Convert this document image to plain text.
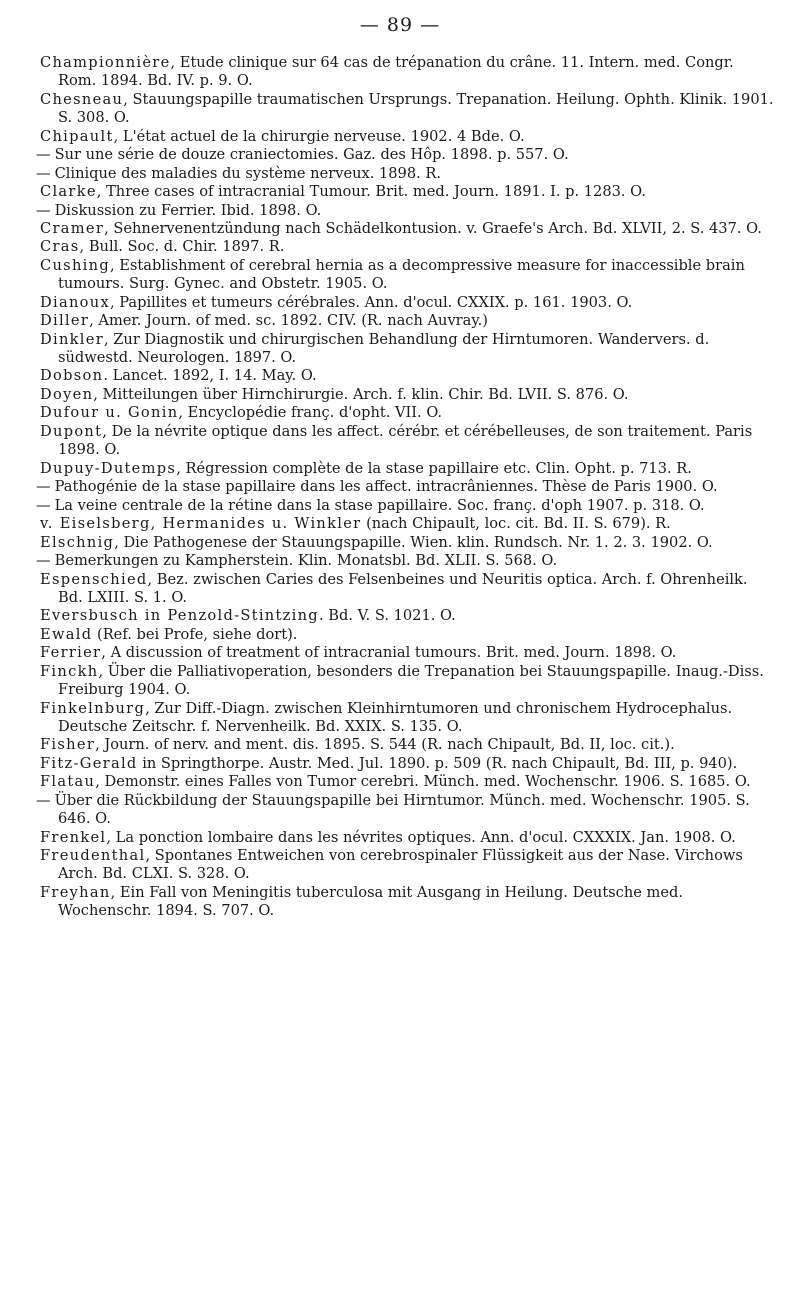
— 89 —

Championnière, Etude clinique sur 64 cas de trépanation du crâne. 11. Intern. med. Congr. Rom. 1894. Bd. IV. p. 9. O.

Chesneau, Stauungspapille traumatischen Ursprungs. Trepanation. Heilung. Ophth. Klinik. 1901. S. 308. O.

Chipault, L'état actuel de la chirurgie nerveuse. 1902. 4 Bde. O.

— Sur une série de douze craniectomies. Gaz. des Hôp. 1898. p. 557. O.

— Clinique des maladies du système nerveux. 1898. R.

Clarke, Three cases of intracranial Tumour. Brit. med. Journ. 1891. I. p. 1283. O.

— Diskussion zu Ferrier. Ibid. 1898. O.

Cramer, Sehnervenentzündung nach Schädelkontusion. v. Graefe's Arch. Bd. XLVII, 2. S. 437. O.

Cras, Bull. Soc. d. Chir. 1897. R.

Cushing, Establishment of cerebral hernia as a decompressive measure for inaccessible brain tumours. Surg. Gynec. and Obstetr. 1905. O.

Dianoux, Papillites et tumeurs cérébrales. Ann. d'ocul. CXXIX. p. 161. 1903. O.

Diller, Amer. Journ. of med. sc. 1892. CIV. (R. nach Auvray.)

Dinkler, Zur Diagnostik und chirurgischen Behandlung der Hirntumoren. Wandervers. d. südwestd. Neurologen. 1897. O.

Dobson. Lancet. 1892, I. 14. May. O.

Doyen, Mitteilungen über Hirnchirurgie. Arch. f. klin. Chir. Bd. LVII. S. 876. O.

Dufour u. Gonin, Encyclopédie franç. d'opht. VII. O.

Dupont, De la névrite optique dans les affect. cérébr. et cérébelleuses, de son traitement. Paris 1898. O.

Dupuy-Dutemps, Régression complète de la stase papillaire etc. Clin. Opht. p. 713. R.

— Pathogénie de la stase papillaire dans les affect. intracrâniennes. Thèse de Paris 1900. O.

— La veine centrale de la rétine dans la stase papillaire. Soc. franç. d'oph 1907. p. 318. O.

v. Eiselsberg, Hermanides u. Winkler (nach Chipault, loc. cit. Bd. II. S. 679). R.

Elschnig, Die Pathogenese der Stauungspapille. Wien. klin. Rundsch. Nr. 1. 2. 3. 1902. O.

— Bemerkungen zu Kampherstein. Klin. Monatsbl. Bd. XLII. S. 568. O.

Espenschied, Bez. zwischen Caries des Felsenbeines und Neuritis optica. Arch. f. Ohrenheilk. Bd. LXIII. S. 1. O.

Eversbusch in Penzold-Stintzing. Bd. V. S. 1021. O.

Ewald (Ref. bei Profe, siehe dort).

Ferrier, A discussion of treatment of intracranial tumours. Brit. med. Journ. 1898. O.

Finckh, Über die Palliativoperation, besonders die Trepanation bei Stauungspapille. Inaug.-Diss. Freiburg 1904. O.

Finkelnburg, Zur Diff.-Diagn. zwischen Kleinhirntumoren und chronischem Hydrocephalus. Deutsche Zeitschr. f. Nervenheilk. Bd. XXIX. S. 135. O.

Fisher, Journ. of nerv. and ment. dis. 1895. S. 544 (R. nach Chipault, Bd. II, loc. cit.).

Fitz-Gerald in Springthorpe. Austr. Med. Jul. 1890. p. 509 (R. nach Chipault, Bd. III, p. 940).

Flatau, Demonstr. eines Falles von Tumor cerebri. Münch. med. Wochenschr. 1906. S. 1685. O.

— Über die Rückbildung der Stauungspapille bei Hirntumor. Münch. med. Wochenschr. 1905. S. 646. O.

Frenkel, La ponction lombaire dans les névrites optiques. Ann. d'ocul. CXXXIX. Jan. 1908. O.

Freudenthal, Spontanes Entweichen von cerebrospinaler Flüssigkeit aus der Nase. Virchows Arch. Bd. CLXI. S. 328. O.

Freyhan, Ein Fall von Meningitis tuberculosa mit Ausgang in Heilung. Deutsche med. Wochenschr. 1894. S. 707. O.
